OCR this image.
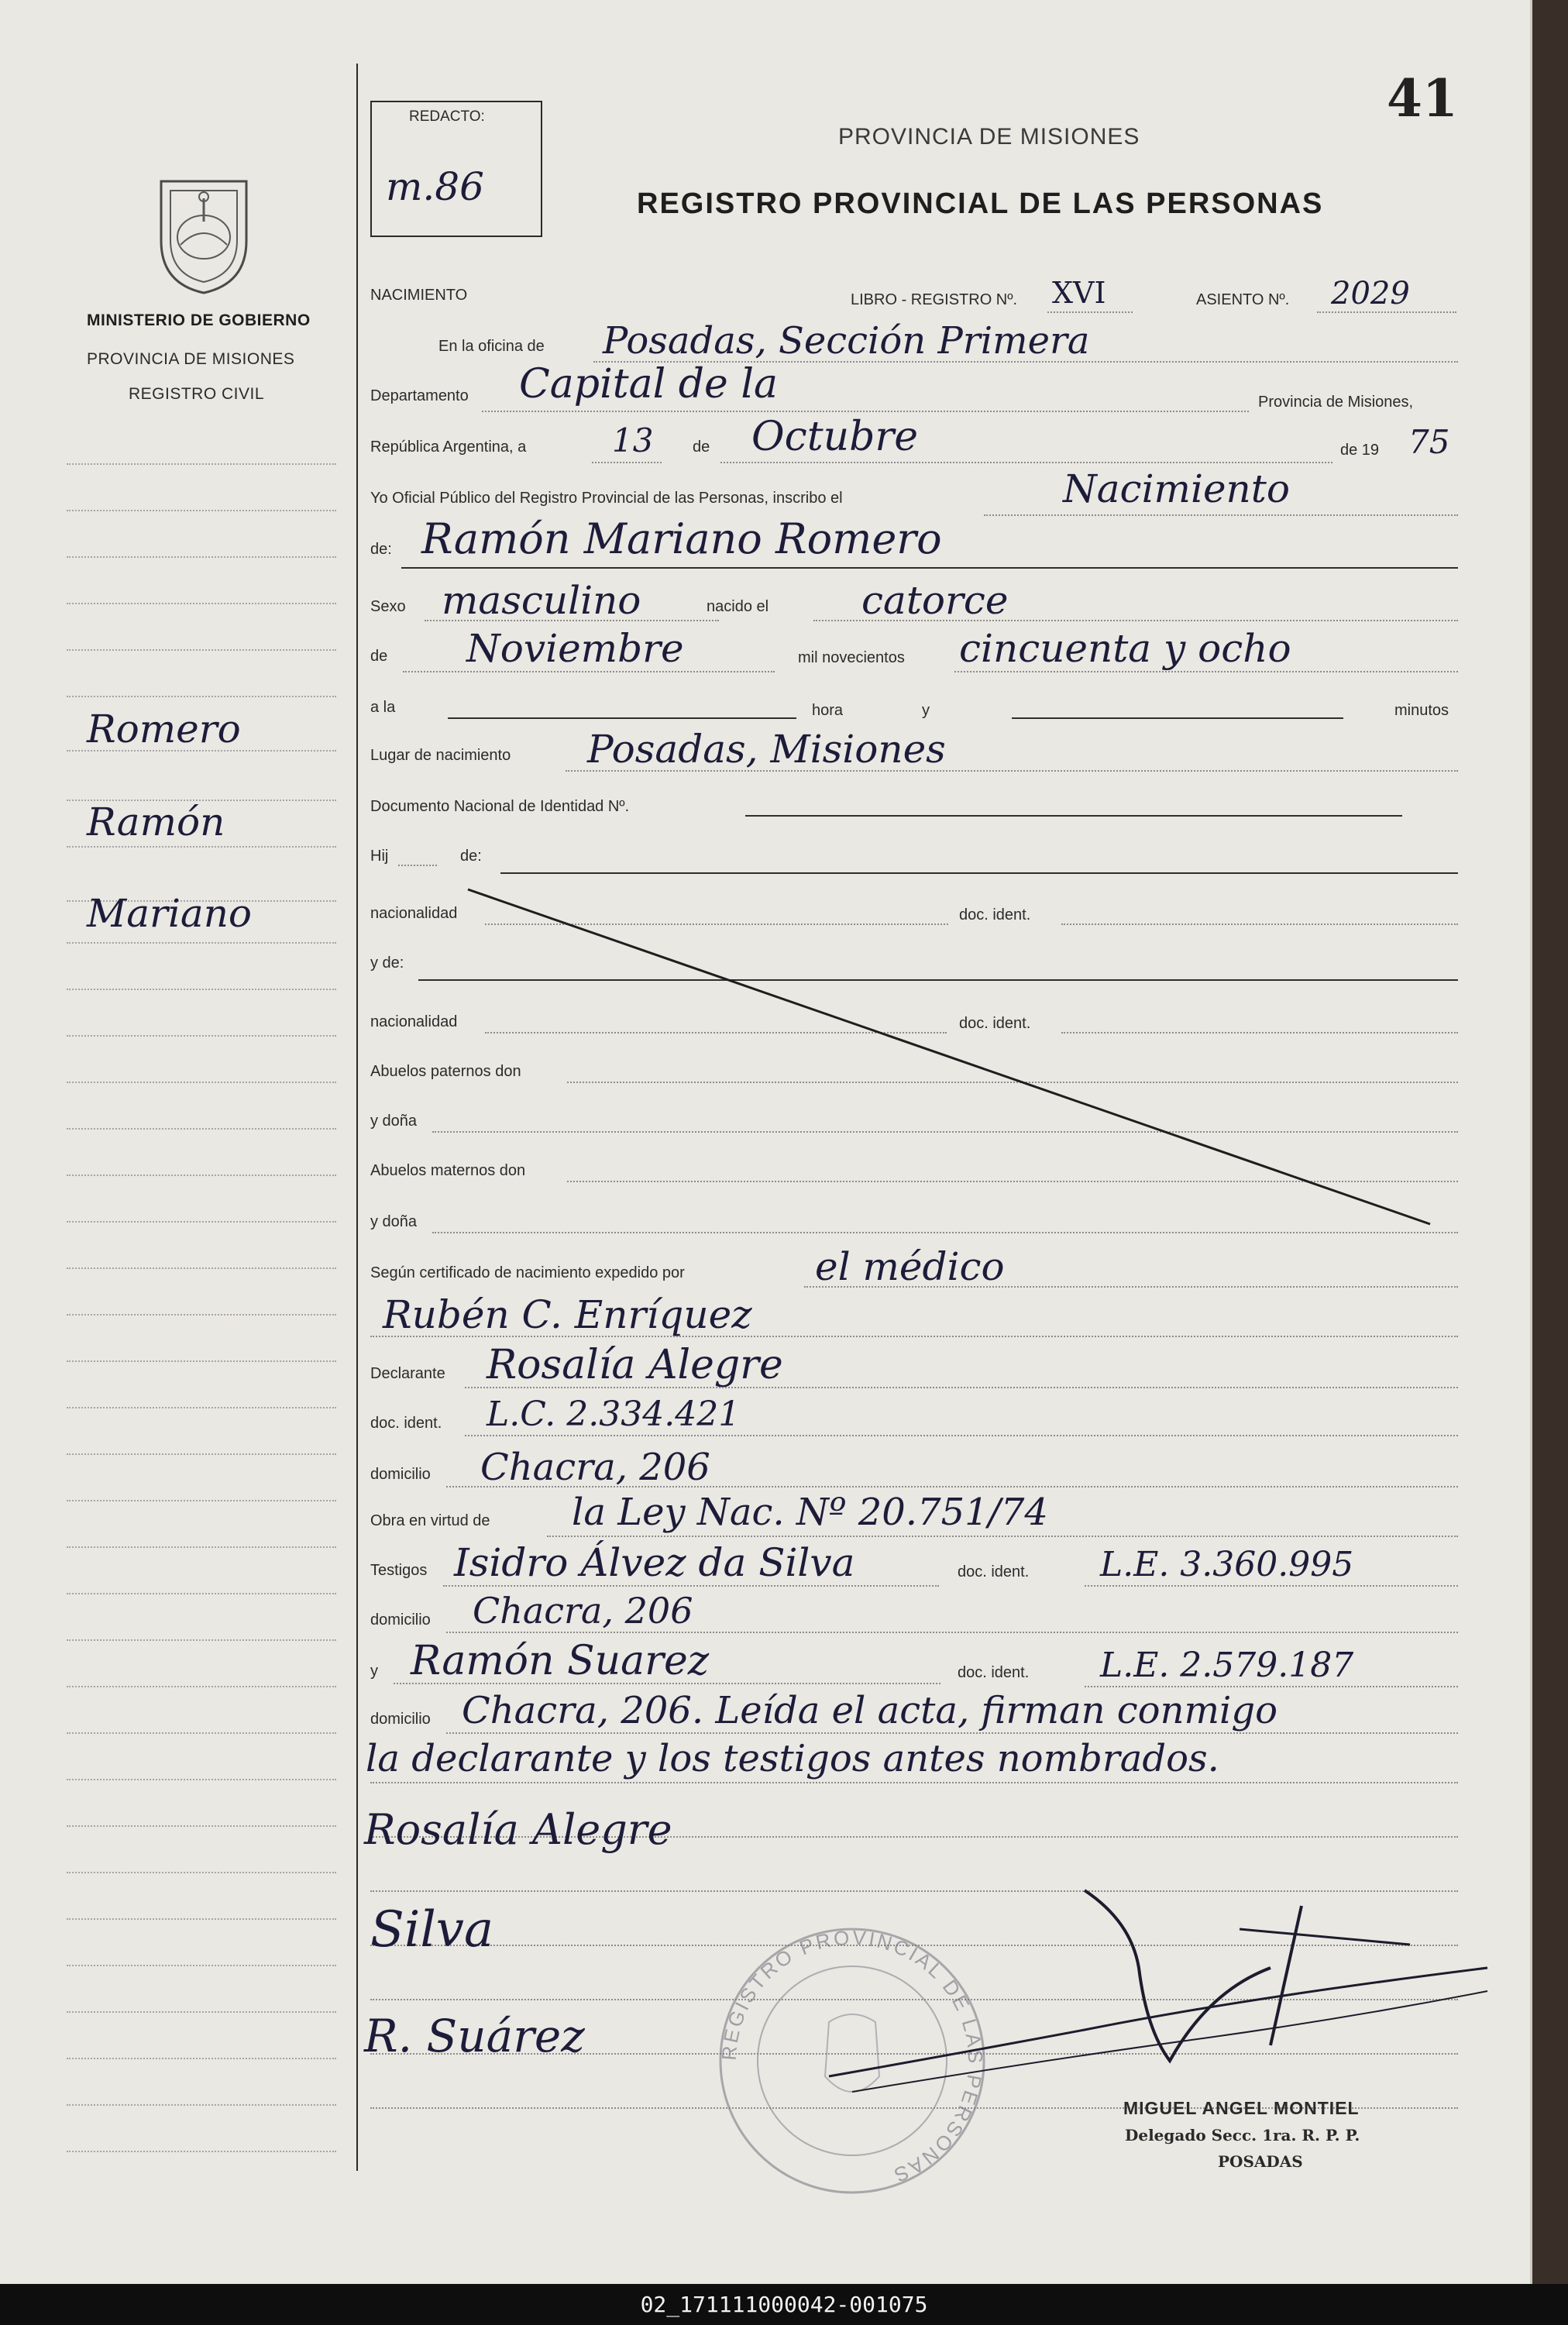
41
REDACTO:
m.86
PROVINCIA DE MISIONES
REGISTRO PROVINCIAL DE LAS PERSONAS
MINISTERIO DE GOBIERNO
PROVINCIA DE MISIONES
REGISTRO CIVIL
Romero
Ramón
Mariano
NACIMIENTO	LIBRO - REGISTRO Nº. XVI	ASIENTO Nº. 2029
En la oficina de Posadas, Sección Primera
Departamento Capital de la	Provincia de Misiones,
República Argentina, a	13	de Octubre	de 19 75
Yo Oficial Público del Registro Provincial de las Personas, inscribo el	Nacimiento
de: Ramón Mariano Romero
Sexo masculino	nacido el catorce
de Noviembre	mil novecientos cincuenta y ocho
a la	hora	y	minutos
Lugar de nacimiento Posadas, Misiones
Documento Nacional de Identidad Nº.
Hij	de:
nacionalidad	doc. ident.
y de:
nacionalidad	doc. ident.
Abuelos paternos don
y doña
Abuelos maternos don
y doña
Según certificado de nacimiento expedido por	el médico
Rubén C. Enríquez
Declarante Rosalía Alegre
doc. ident. L.C. 2.334.421
domicilio Chacra, 206
Obra en virtud de la Ley Nac. Nº 20.751/74
Testigos Isidro Álvez da Silva	doc. ident. L.E. 3.360.995
domicilio Chacra, 206
y Ramón Suarez	doc. ident. L.E. 2.579.187
domicilio Chacra, 206. Leída el acta, firman conmigo
la declarante y los testigos antes nombrados.
Rosalía Alegre
Silva
R. Suárez	REGISTRO PROVINCIAL DE LAS PERSONAS
MIGUEL ANGEL MONTIEL
Delegado Secc. 1ra. R. P. P.
POSADAS
02_171111000042-001075
